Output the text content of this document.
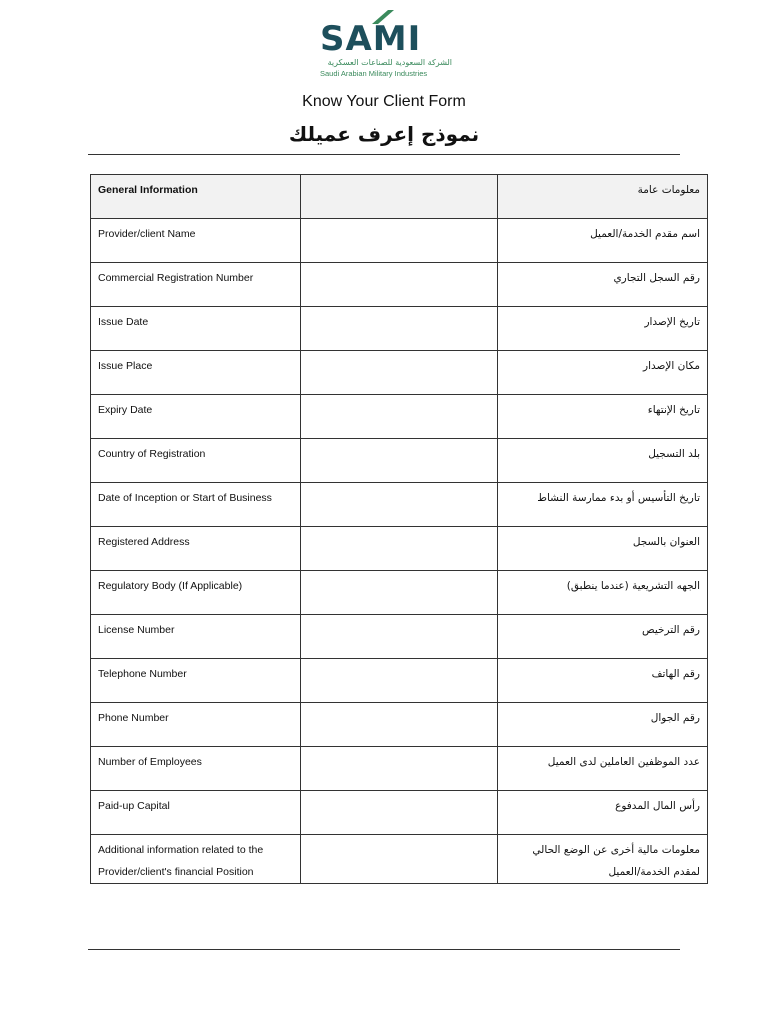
SAMI
الشركة السعودية للصناعات العسكرية
Saudi Arabian Military Industries
Know Your Client Form
نموذج إعرف عميلك
General Information		معلومات عامة
Provider/client Name		اسم مقدم الخدمة/العميل
Commercial Registration Number		رقم السجل التجاري
Issue Date		تاريخ الإصدار
Issue Place		مكان الإصدار
Expiry Date		تاريخ الإنتهاء
Country of Registration		بلد التسجيل
Date of Inception or Start of Business		تاريخ التأسيس أو بدء ممارسة النشاط
Registered Address		العنوان بالسجل
Regulatory Body (If Applicable)		الجهه التشريعية (عندما ينطبق)
License Number		رقم الترخيص
Telephone Number		رقم الهاتف
Phone Number		رقم الجوال
Number of Employees		عدد الموظفين العاملين لدى العميل
Paid-up Capital		رأس المال المدفوع
Additional information related to the Provider/client's financial Position		معلومات مالية أخرى عن الوضع الحالي لمقدم الخدمة/العميل
